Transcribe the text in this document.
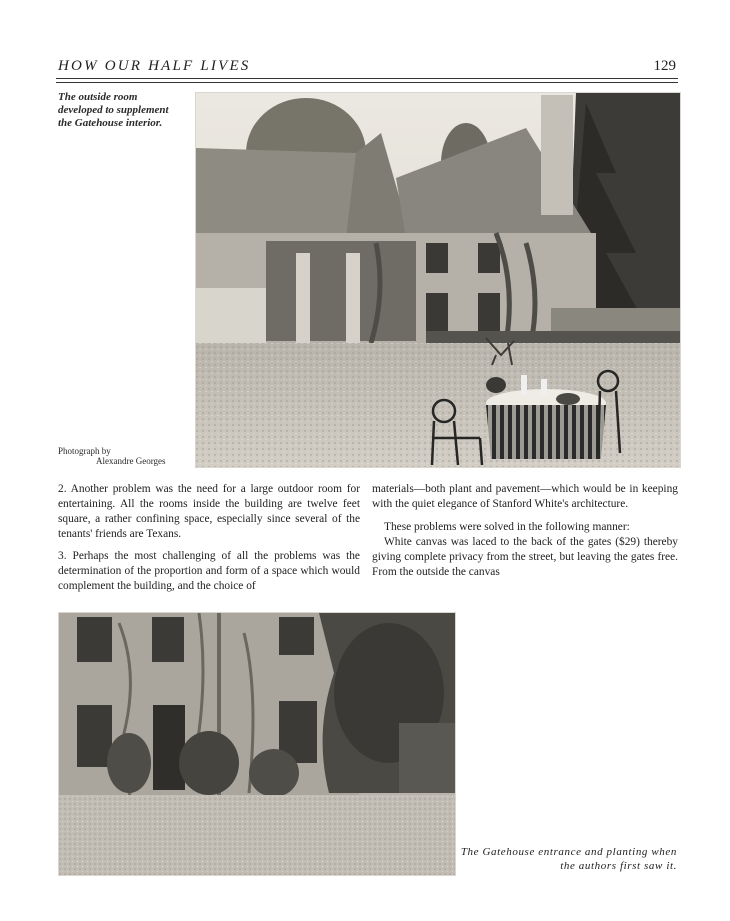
HOW OUR HALF LIVES	129
The outside room developed to supplement the Gatehouse interior.
Photograph by
Alexandre Georges

2. Another problem was the need for a large outdoor room for entertaining. All the rooms inside the building are twelve feet square, a rather confining space, especially since several of the tenants' friends are Texans.

3. Perhaps the most challenging of all the problems was the determination of the proportion and form of a space which would complement the building, and the choice of

materials—both plant and pavement—which would be in keeping with the quiet elegance of Stanford White's architecture.

These problems were solved in the following manner:

White canvas was laced to the back of the gates ($29) thereby giving complete privacy from the street, but leaving the gates free. From the outside the canvas

The Gatehouse entrance and planting when the authors first saw it.
